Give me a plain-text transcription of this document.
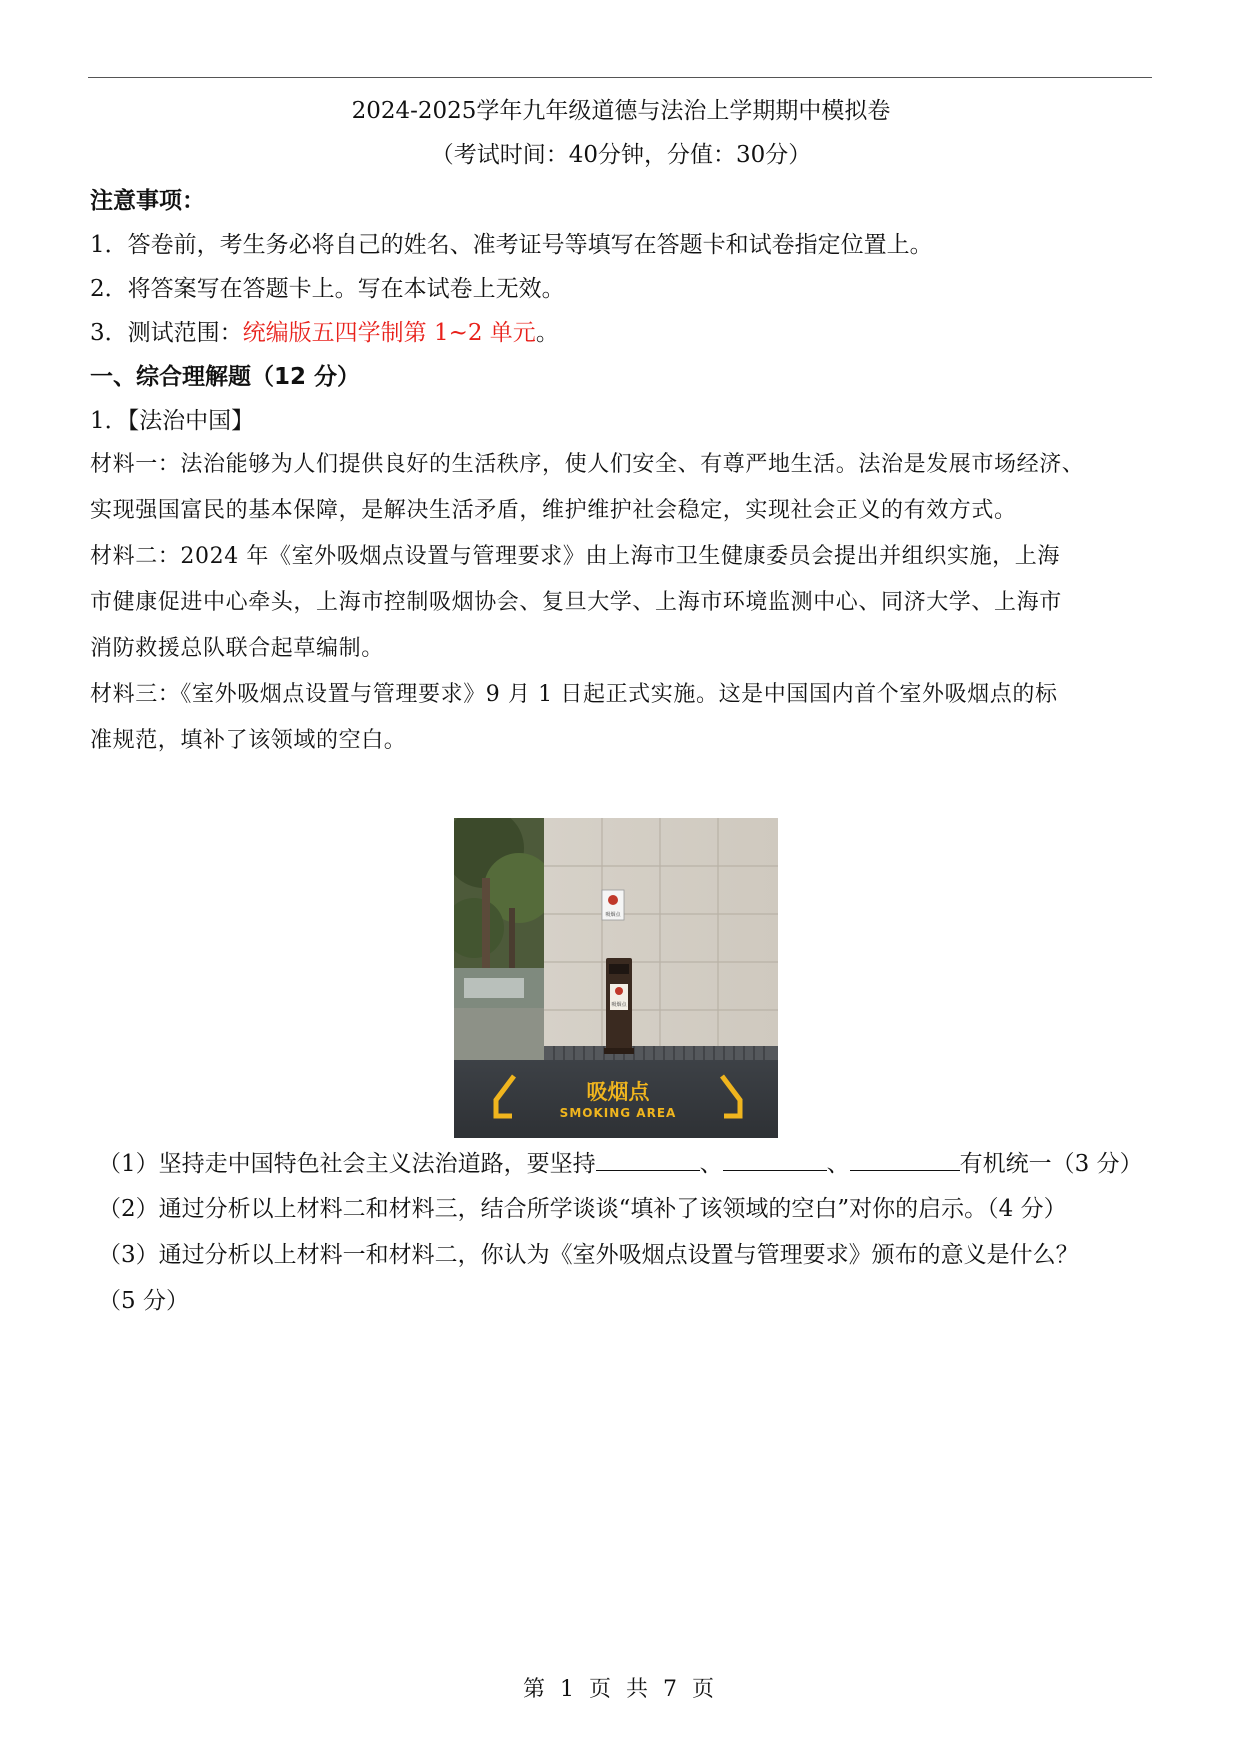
2024-2025学年九年级道德与法治上学期期中模拟卷
（考试时间：40分钟，分值：30分）
注意事项：
1．答卷前，考生务必将自己的姓名、准考证号等填写在答题卡和试卷指定位置上。
2．将答案写在答题卡上。写在本试卷上无效。
3．测试范围：统编版五四学制第 1~2 单元。
一、综合理解题（12 分）
1．【法治中国】
材料一：法治能够为人们提供良好的生活秩序，使人们安全、有尊严地生活。法治是发展市场经济、
实现强国富民的基本保障，是解决生活矛盾，维护维护社会稳定，实现社会正义的有效方式。
材料二：2024 年《室外吸烟点设置与管理要求》由上海市卫生健康委员会提出并组织实施，上海
市健康促进中心牵头，上海市控制吸烟协会、复旦大学、上海市环境监测中心、同济大学、上海市
消防救援总队联合起草编制。
材料三：《室外吸烟点设置与管理要求》9 月 1 日起正式实施。这是中国国内首个室外吸烟点的标
准规范，填补了该领域的空白。
（1）坚持走中国特色社会主义法治道路，要坚持	、	、	有机统一（3 分）
（2）通过分析以上材料二和材料三，结合所学谈谈“填补了该领域的空白”对你的启示。（4 分）
（3）通过分析以上材料一和材料二，你认为《室外吸烟点设置与管理要求》颁布的意义是什么？
（5 分）
吸烟点
吸烟点
吸烟点
SMOKING AREA
第 1 页 共 7 页
